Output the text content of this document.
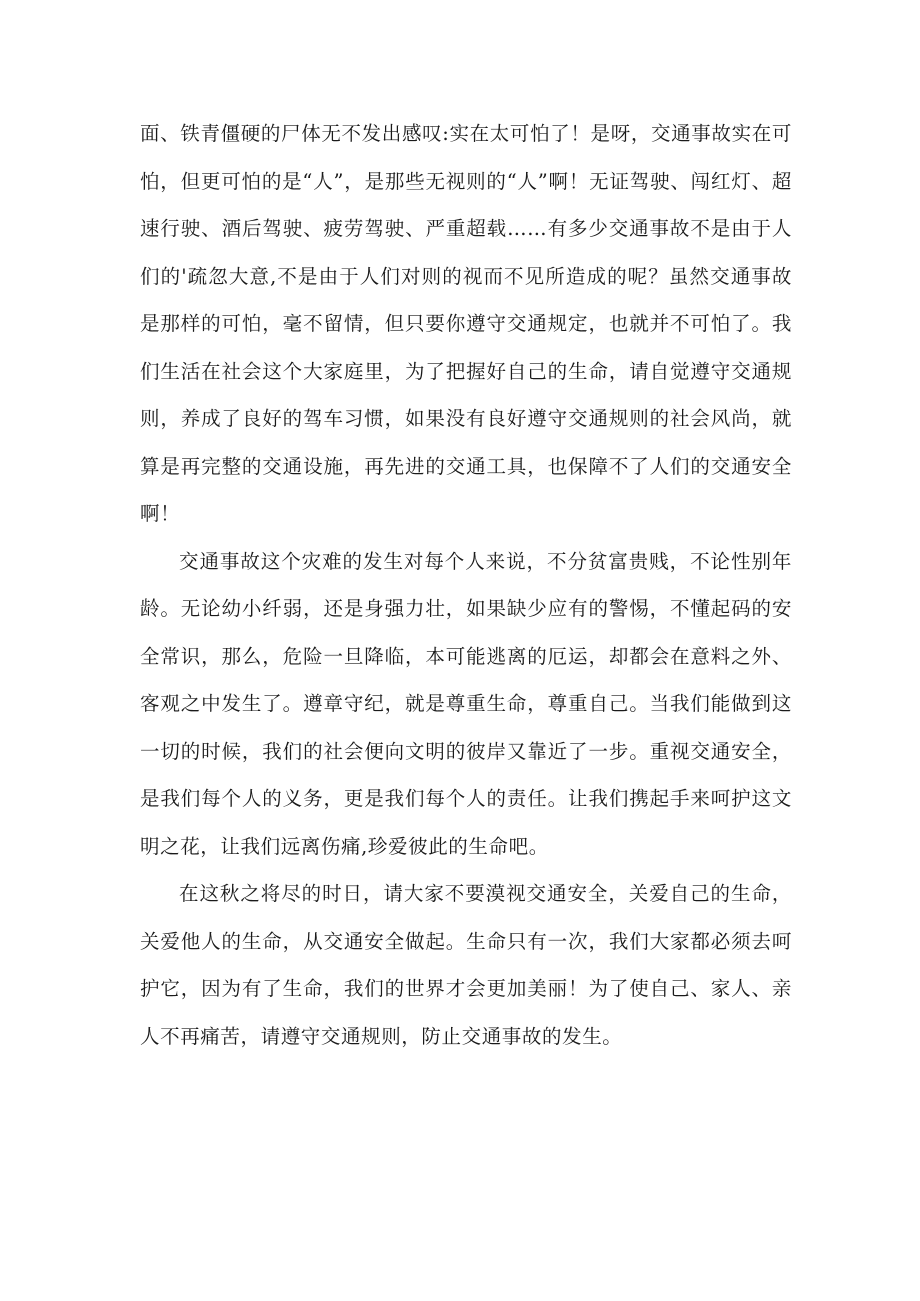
面、铁青僵硬的尸体无不发出感叹:实在太可怕了！是呀，交通事故实在可怕，但更可怕的是“人”，是那些无视则的“人”啊！无证驾驶、闯红灯、超速行驶、酒后驾驶、疲劳驾驶、严重超载……有多少交通事故不是由于人们的'疏忽大意,不是由于人们对则的视而不见所造成的呢？虽然交通事故是那样的可怕，毫不留情，但只要你遵守交通规定，也就并不可怕了。我们生活在社会这个大家庭里，为了把握好自己的生命，请自觉遵守交通规则，养成了良好的驾车习惯，如果没有良好遵守交通规则的社会风尚，就算是再完整的交通设施，再先进的交通工具，也保障不了人们的交通安全啊！

交通事故这个灾难的发生对每个人来说，不分贫富贵贱，不论性别年龄。无论幼小纤弱，还是身强力壮，如果缺少应有的警惕，不懂起码的安全常识，那么，危险一旦降临，本可能逃离的厄运，却都会在意料之外、客观之中发生了。遵章守纪，就是尊重生命，尊重自己。当我们能做到这一切的时候，我们的社会便向文明的彼岸又靠近了一步。重视交通安全，是我们每个人的义务，更是我们每个人的责任。让我们携起手来呵护这文明之花，让我们远离伤痛,珍爱彼此的生命吧。

在这秋之将尽的时日，请大家不要漠视交通安全，关爱自己的生命，关爱他人的生命，从交通安全做起。生命只有一次，我们大家都必须去呵护它，因为有了生命，我们的世界才会更加美丽！为了使自己、家人、亲人不再痛苦，请遵守交通规则，防止交通事故的发生。
